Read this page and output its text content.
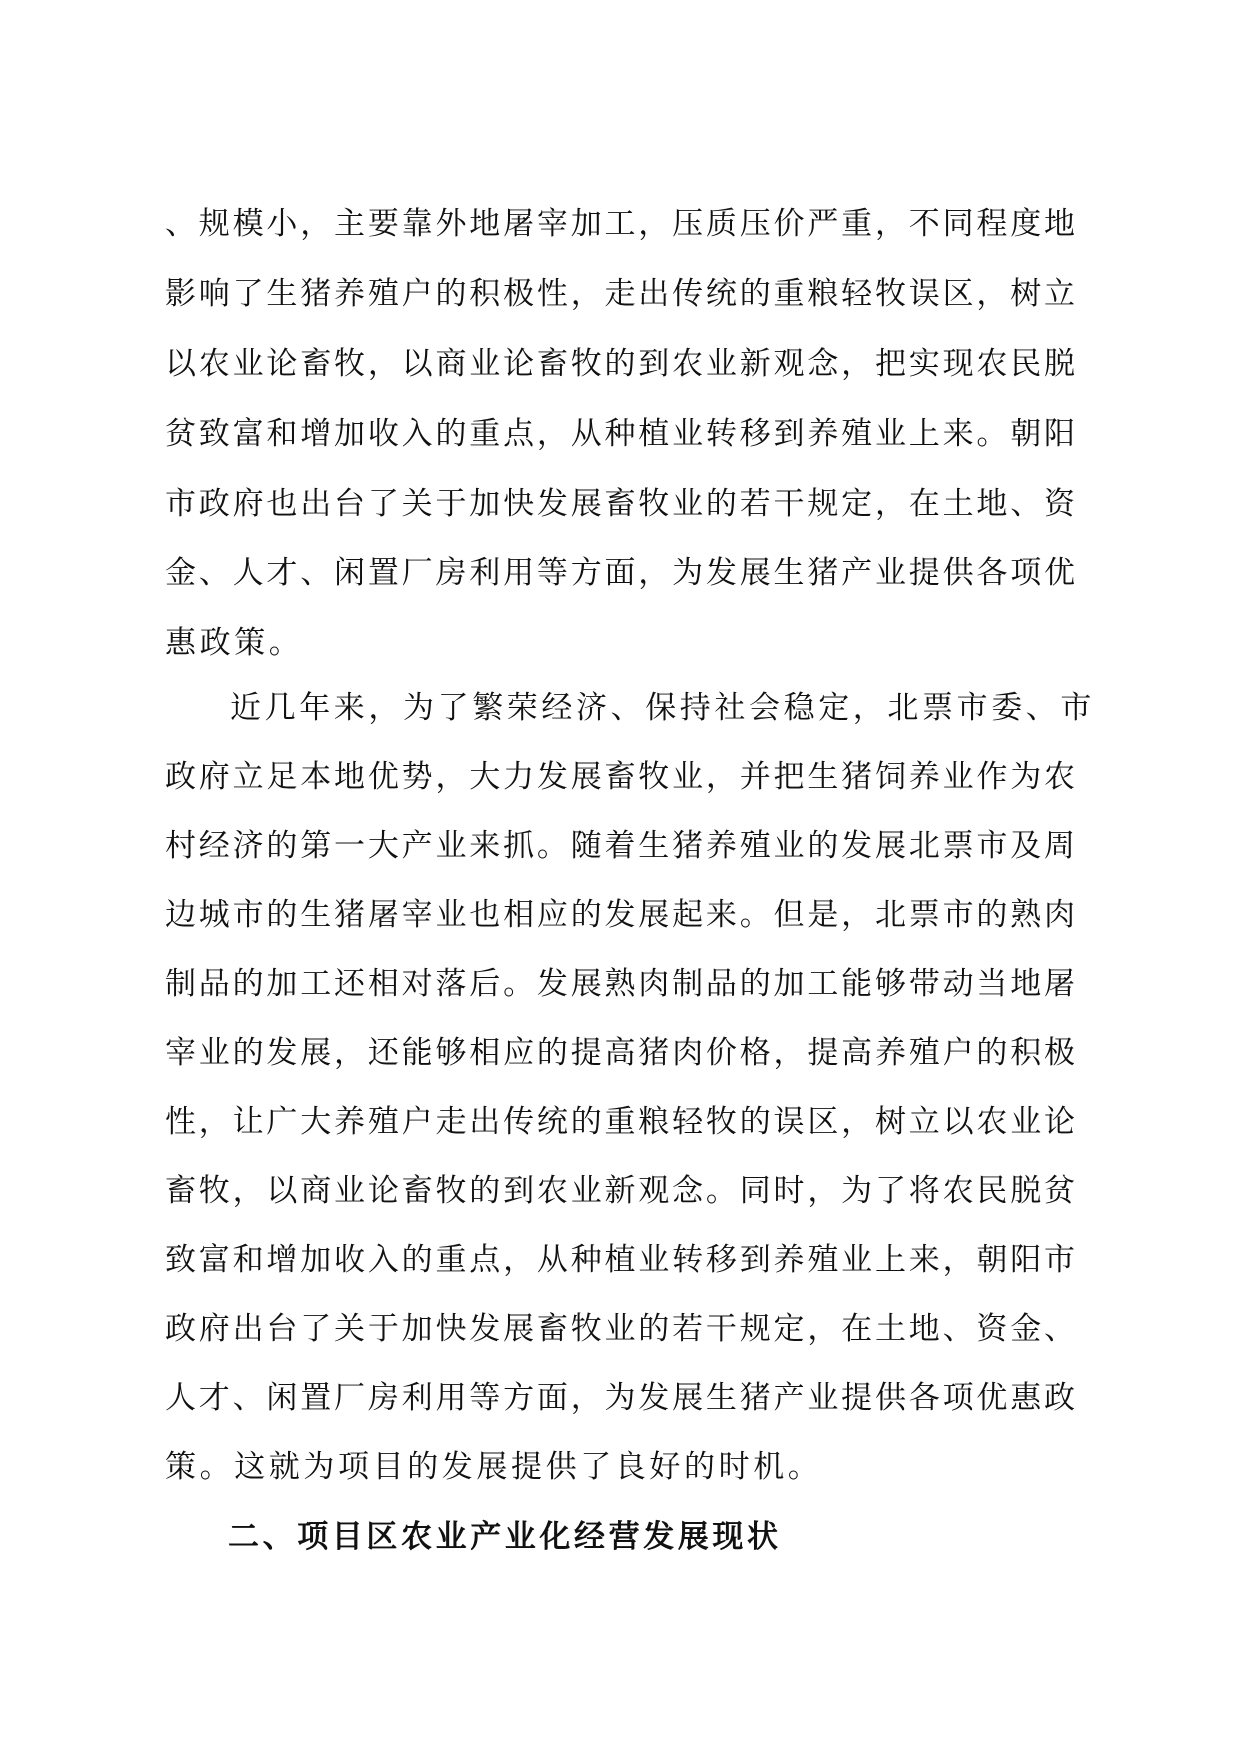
、规模小，主要靠外地屠宰加工，压质压价严重，不同程度地
影响了生猪养殖户的积极性，走出传统的重粮轻牧误区，树立
以农业论畜牧，以商业论畜牧的到农业新观念，把实现农民脱
贫致富和增加收入的重点，从种植业转移到养殖业上来。朝阳
市政府也出台了关于加快发展畜牧业的若干规定，在土地、资
金、人才、闲置厂房利用等方面，为发展生猪产业提供各项优
惠政策。
近几年来，为了繁荣经济、保持社会稳定，北票市委、市
政府立足本地优势，大力发展畜牧业，并把生猪饲养业作为农
村经济的第一大产业来抓。随着生猪养殖业的发展北票市及周
边城市的生猪屠宰业也相应的发展起来。但是，北票市的熟肉
制品的加工还相对落后。发展熟肉制品的加工能够带动当地屠
宰业的发展，还能够相应的提高猪肉价格，提高养殖户的积极
性，让广大养殖户走出传统的重粮轻牧的误区，树立以农业论
畜牧，以商业论畜牧的到农业新观念。同时，为了将农民脱贫
致富和增加收入的重点，从种植业转移到养殖业上来，朝阳市
政府出台了关于加快发展畜牧业的若干规定，在土地、资金、
人才、闲置厂房利用等方面，为发展生猪产业提供各项优惠政
策。这就为项目的发展提供了良好的时机。
二、项目区农业产业化经营发展现状
